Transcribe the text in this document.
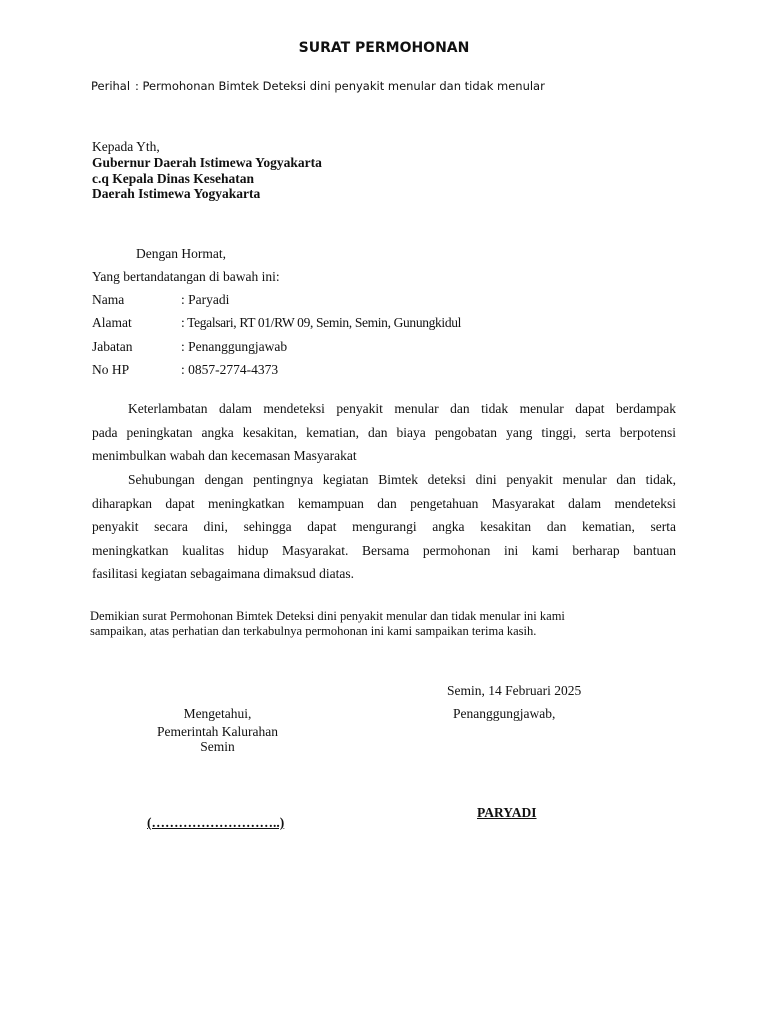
SURAT PERMOHONAN
Perihal : Permohonan Bimtek Deteksi dini penyakit menular dan tidak menular
Kepada Yth,
Gubernur Daerah Istimewa Yogyakarta
c.q Kepala Dinas Kesehatan
Daerah Istimewa Yogyakarta
Dengan Hormat,
Yang bertandatangan di bawah ini:
Nama	: Paryadi
Alamat	: Tegalsari, RT 01/RW 09, Semin, Semin, Gunungkidul
Jabatan	: Penanggungjawab
No HP	: 0857-2774-4373
Keterlambatan dalam mendeteksi penyakit menular dan tidak menular dapat berdampak
pada peningkatan angka kesakitan, kematian, dan biaya pengobatan yang tinggi, serta berpotensi
menimbulkan wabah dan kecemasan Masyarakat
Sehubungan dengan pentingnya kegiatan Bimtek deteksi dini penyakit menular dan tidak,
diharapkan dapat meningkatkan kemampuan dan pengetahuan Masyarakat dalam mendeteksi
penyakit secara dini, sehingga dapat mengurangi angka kesakitan dan kematian, serta
meningkatkan kualitas hidup Masyarakat. Bersama permohonan ini kami berharap bantuan
fasilitasi kegiatan sebagaimana dimaksud diatas.
Demikian surat Permohonan Bimtek Deteksi dini penyakit menular dan tidak menular ini kami
sampaikan, atas perhatian dan terkabulnya permohonan ini kami sampaikan terima kasih.
Semin, 14 Februari 2025
Mengetahui,
Pemerintah Kalurahan
Semin
Penanggungjawab,
PARYADI
(………………………..)
